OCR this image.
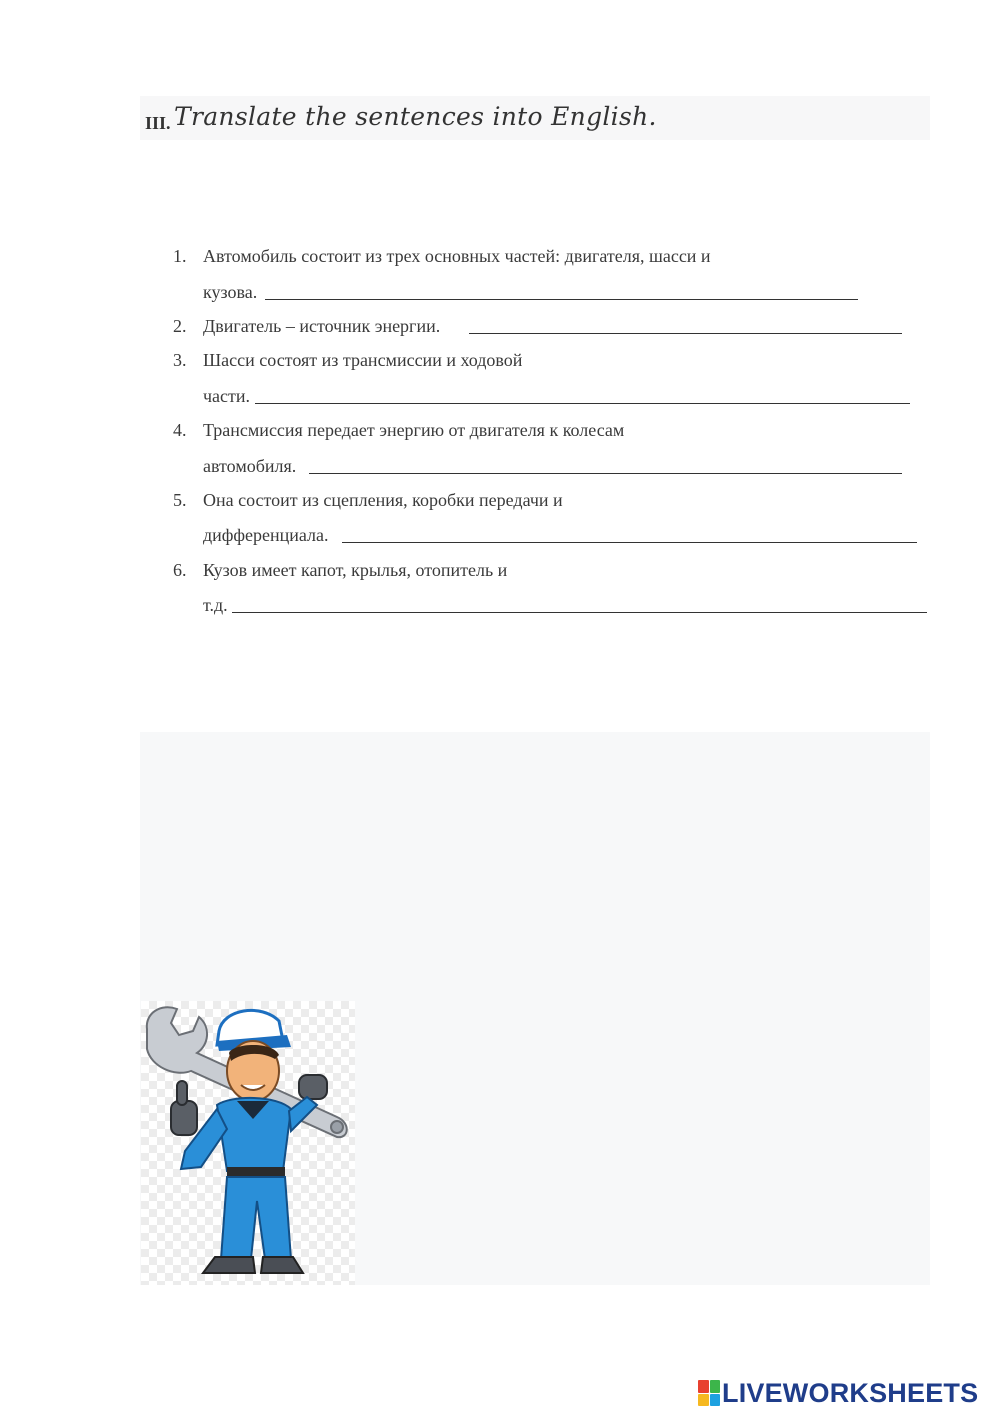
III. Translate the sentences into English.
1. Автомобиль состоит из трех основных частей: двигателя, шасси и
кузова.
2. Двигатель – источник энергии.
3. Шасси состоят из трансмиссии и ходовой
части.
4. Трансмиссия передает энергию от двигателя к колесам
автомобиля.
5. Она состоит из сцепления, коробки передачи и
дифференциала.
6. Кузов имеет капот, крылья, отопитель и
т.д.
LIVEWORKSHEETS
